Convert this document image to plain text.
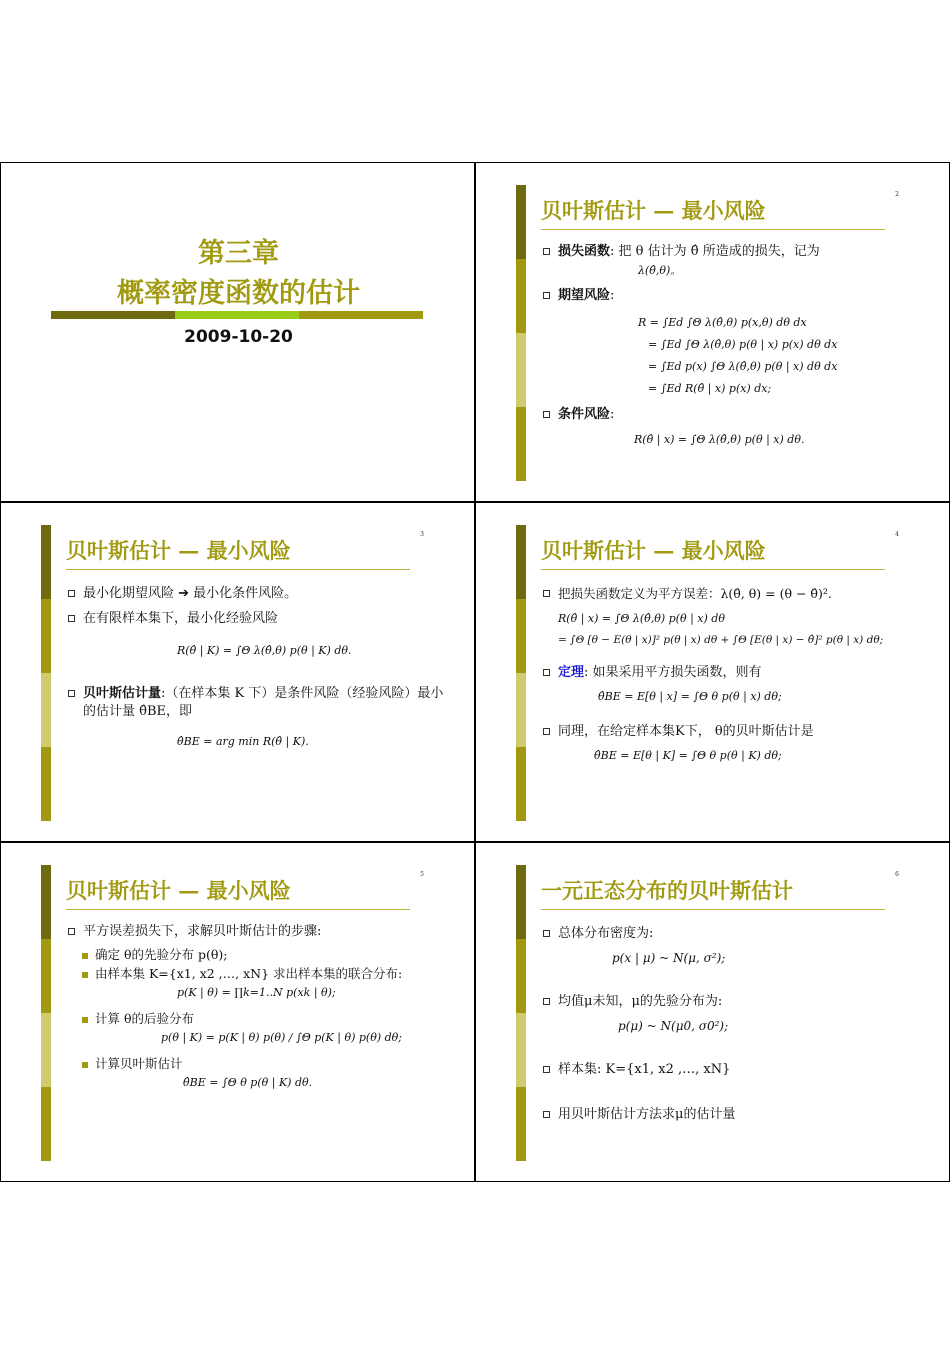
第三章
概率密度函数的估计
2009-10-20
贝叶斯估计 — 最小风险
2
损失函数: 把 θ 估计为 θ̂ 所造成的损失，记为
λ(θ̂,θ)。
期望风险:
R = ∫Ed ∫Θ λ(θ̂,θ) p(x,θ) dθ dx
= ∫Ed ∫Θ λ(θ̂,θ) p(θ | x) p(x) dθ dx
= ∫Ed p(x) ∫Θ λ(θ̂,θ) p(θ | x) dθ dx
= ∫Ed R(θ̂ | x) p(x) dx;
条件风险:
R(θ̂ | x) = ∫Θ λ(θ̂,θ) p(θ | x) dθ.
贝叶斯估计 — 最小风险
3
最小化期望风险 ➔ 最小化条件风险。
在有限样本集下，最小化经验风险
R(θ̂ | K) = ∫Θ λ(θ̂,θ) p(θ | K) dθ.
贝叶斯估计量:（在样本集 K 下）是条件风险（经验风险）最小的估计量 θ̂BE，即
θ̂BE = arg min R(θ̂ | K).
贝叶斯估计 — 最小风险
4
把损失函数定义为平方误差：λ(θ̂, θ) = (θ − θ̂)².
R(θ̂ | x) = ∫Θ λ(θ̂,θ) p(θ | x) dθ
= ∫Θ [θ − E(θ | x)]² p(θ | x) dθ + ∫Θ [E(θ | x) − θ̂]² p(θ | x) dθ;
定理: 如果采用平方损失函数，则有
θ̂BE = E[θ | x] = ∫Θ θ p(θ | x) dθ;
同理，在给定样本集K下， θ的贝叶斯估计是
θ̂BE = E[θ | K] = ∫Θ θ p(θ | K) dθ;
贝叶斯估计 — 最小风险
5
平方误差损失下，求解贝叶斯估计的步骤:
确定 θ的先验分布 p(θ);
由样本集 K={x1, x2 ,…, xN} 求出样本集的联合分布:
p(K | θ) = ∏k=1..N p(xk | θ);
计算 θ的后验分布
p(θ | K) = p(K | θ) p(θ) / ∫Θ p(K | θ) p(θ) dθ;
计算贝叶斯估计
θ̂BE = ∫Θ θ p(θ | K) dθ.
一元正态分布的贝叶斯估计
6
总体分布密度为:
p(x | μ) ~ N(μ, σ²);
均值μ未知，μ的先验分布为:
p(μ) ~ N(μ0, σ0²);
样本集: K={x1, x2 ,…, xN}
用贝叶斯估计方法求μ的估计量
